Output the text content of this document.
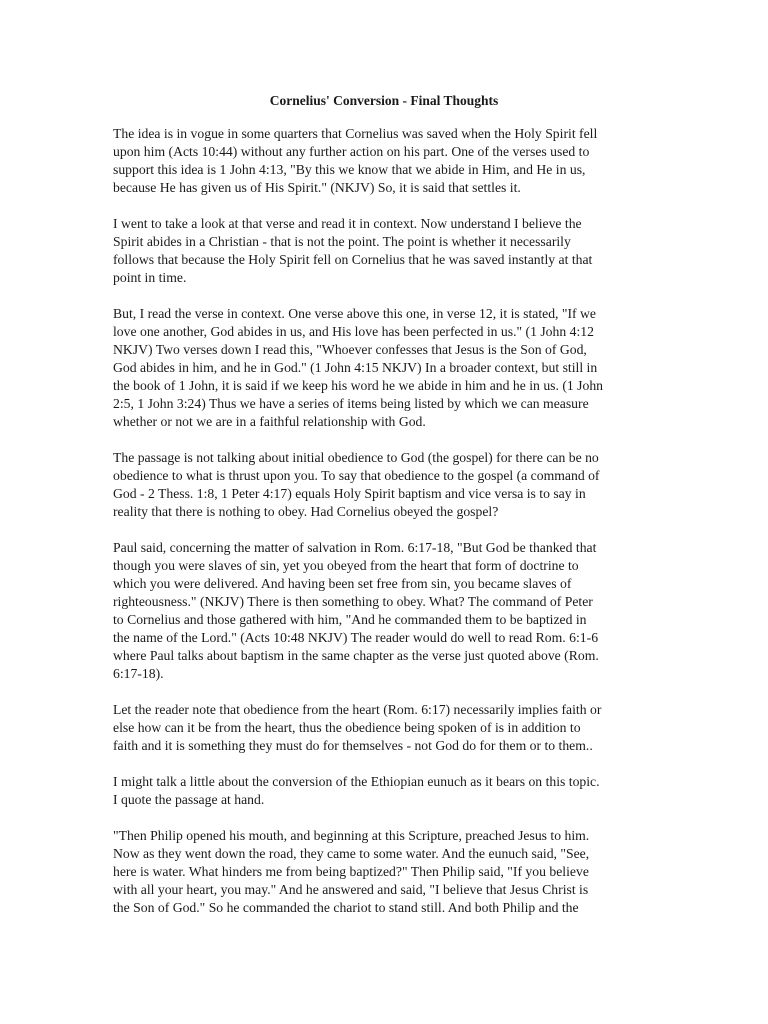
Cornelius' Conversion - Final Thoughts
The idea is in vogue in some quarters that Cornelius was saved when the Holy Spirit fell
upon him (Acts 10:44) without any further action on his part. One of the verses used to
support this idea is 1 John 4:13, "By this we know that we abide in Him, and He in us,
because He has given us of His Spirit." (NKJV) So, it is said that settles it.
I went to take a look at that verse and read it in context. Now understand I believe the
Spirit abides in a Christian - that is not the point. The point is whether it necessarily
follows that because the Holy Spirit fell on Cornelius that he was saved instantly at that
point in time.
But, I read the verse in context. One verse above this one, in verse 12, it is stated, "If we
love one another, God abides in us, and His love has been perfected in us." (1 John 4:12
NKJV) Two verses down I read this, "Whoever confesses that Jesus is the Son of God,
God abides in him, and he in God." (1 John 4:15 NKJV) In a broader context, but still in
the book of 1 John, it is said if we keep his word he we abide in him and he in us. (1 John
2:5, 1 John 3:24) Thus we have a series of items being listed by which we can measure
whether or not we are in a faithful relationship with God.
The passage is not talking about initial obedience to God (the gospel) for there can be no
obedience to what is thrust upon you. To say that obedience to the gospel (a command of
God - 2 Thess. 1:8, 1 Peter 4:17) equals Holy Spirit baptism and vice versa is to say in
reality that there is nothing to obey. Had Cornelius obeyed the gospel?
Paul said, concerning the matter of salvation in Rom. 6:17-18, "But God be thanked that
though you were slaves of sin, yet you obeyed from the heart that form of doctrine to
which you were delivered. And having been set free from sin, you became slaves of
righteousness." (NKJV) There is then something to obey. What? The command of Peter
to Cornelius and those gathered with him, "And he commanded them to be baptized in
the name of the Lord." (Acts 10:48 NKJV) The reader would do well to read Rom. 6:1-6
where Paul talks about baptism in the same chapter as the verse just quoted above (Rom.
6:17-18).
Let the reader note that obedience from the heart (Rom. 6:17) necessarily implies faith or
else how can it be from the heart, thus the obedience being spoken of is in addition to
faith and it is something they must do for themselves - not God do for them or to them..
I might talk a little about the conversion of the Ethiopian eunuch as it bears on this topic.
I quote the passage at hand.
"Then Philip opened his mouth, and beginning at this Scripture, preached Jesus to him.
Now as they went down the road, they came to some water. And the eunuch said, "See,
here is water. What hinders me from being baptized?" Then Philip said, "If you believe
with all your heart, you may." And he answered and said, "I believe that Jesus Christ is
the Son of God." So he commanded the chariot to stand still. And both Philip and the
